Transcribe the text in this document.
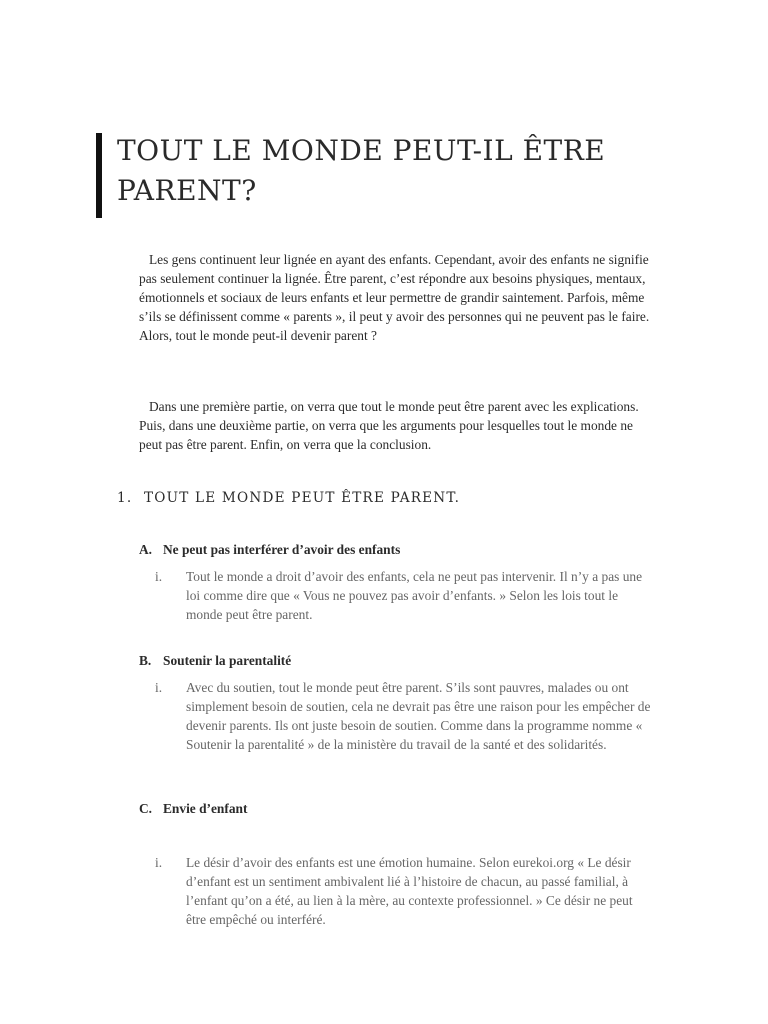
TOUT LE MONDE PEUT-IL ÊTRE PARENT?

Les gens continuent leur lignée en ayant des enfants. Cependant, avoir des enfants ne signifie pas seulement continuer la lignée. Être parent, c’est répondre aux besoins physiques, mentaux, émotionnels et sociaux de leurs enfants et leur permettre de grandir saintement. Parfois, même s’ils se définissent comme « parents », il peut y avoir des personnes qui ne peuvent pas le faire. Alors, tout le monde peut-il devenir parent ?

Dans une première partie, on verra que tout le monde peut être parent avec les explications. Puis, dans une deuxième partie, on verra que les arguments pour lesquelles tout le monde ne peut pas être parent. Enfin, on verra que la conclusion.

1. TOUT LE MONDE PEUT ÊTRE PARENT.
A. Ne peut pas interférer d’avoir des enfants
i.	Tout le monde a droit d’avoir des enfants, cela ne peut pas intervenir. Il n’y a pas une loi comme dire que « Vous ne pouvez pas avoir d’enfants. » Selon les lois tout le monde peut être parent.
B. Soutenir la parentalité
i.	Avec du soutien, tout le monde peut être parent. S’ils sont pauvres, malades ou ont simplement besoin de soutien, cela ne devrait pas être une raison pour les empêcher de devenir parents. Ils ont juste besoin de soutien. Comme dans la programme nomme « Soutenir la parentalité » de la ministère du travail de la santé et des solidarités.
C. Envie d’enfant
i.	Le désir d’avoir des enfants est une émotion humaine. Selon eurekoi.org « Le désir d’enfant est un sentiment ambivalent lié à l’histoire de chacun, au passé familial, à l’enfant qu’on a été, au lien à la mère, au contexte professionnel. » Ce désir ne peut être empêché ou interféré.
